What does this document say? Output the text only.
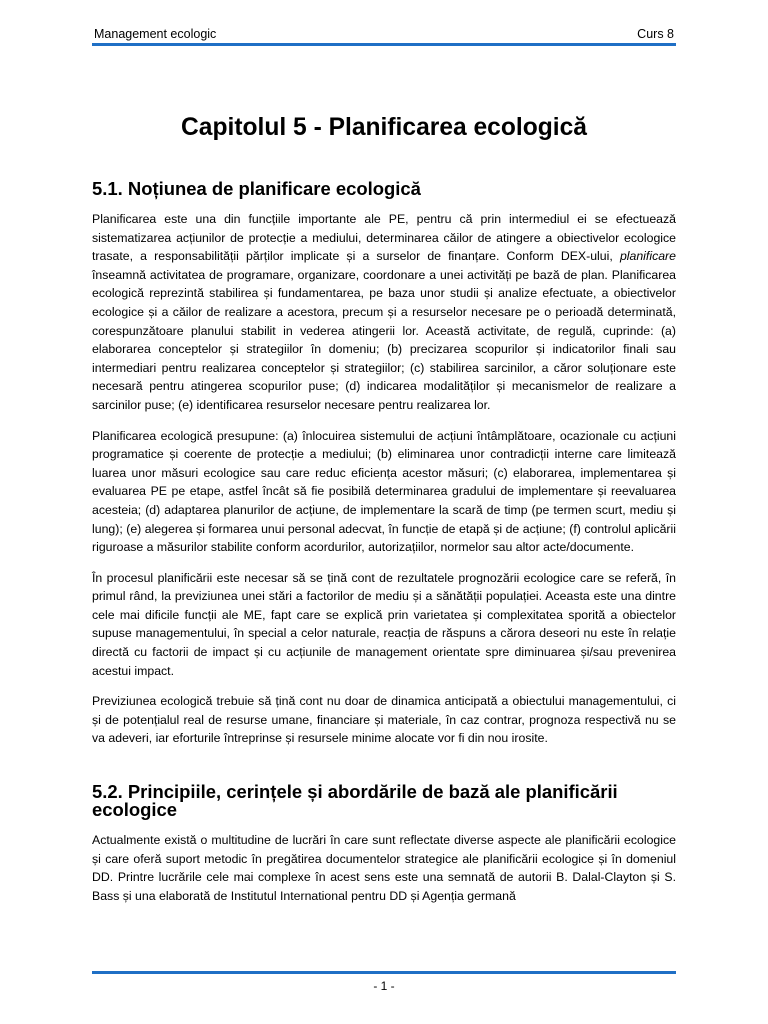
Management ecologic	Curs 8
Capitolul 5 - Planificarea ecologică
5.1. Noțiunea de planificare ecologică

Planificarea este una din funcțiile importante ale PE, pentru că prin intermediul ei se efectuează sistematizarea acțiunilor de protecție a mediului, determinarea căilor de atingere a obiectivelor ecologice trasate, a responsabilității părților implicate și a surselor de finanțare. Conform DEX-ului, planificare înseamnă activitatea de programare, organizare, coordonare a unei activități pe bază de plan. Planificarea ecologică reprezintă stabilirea și fundamentarea, pe baza unor studii și analize efectuate, a obiectivelor ecologice și a căilor de realizare a acestora, precum și a resurselor necesare pe o perioadă determinată, corespunzătoare planului stabilit in vederea atingerii lor. Această activitate, de regulă, cuprinde: (a) elaborarea conceptelor și strategiilor în domeniu; (b) precizarea scopurilor și indicatorilor finali sau intermediari pentru realizarea conceptelor și strategiilor; (c) stabilirea sarcinilor, a căror soluționare este necesară pentru atingerea scopurilor puse; (d) indicarea modalităților și mecanismelor de realizare a sarcinilor puse; (e) identificarea resurselor necesare pentru realizarea lor.

Planificarea ecologică presupune: (a) înlocuirea sistemului de acțiuni întâmplătoare, ocazionale cu acțiuni programatice și coerente de protecție a mediului; (b) eliminarea unor contradicții interne care limitează luarea unor măsuri ecologice sau care reduc eficiența acestor măsuri; (c) elaborarea, implementarea și evaluarea PE pe etape, astfel încât să fie posibilă determinarea gradului de implementare și reevaluarea acesteia; (d) adaptarea planurilor de acțiune, de implementare la scară de timp (pe termen scurt, mediu și lung); (e) alegerea și formarea unui personal adecvat, în funcție de etapă și de acțiune; (f) controlul aplicării riguroase a măsurilor stabilite conform acordurilor, autorizațiilor, normelor sau altor acte/documente.

În procesul planificării este necesar să se țină cont de rezultatele prognozării ecologice care se referă, în primul rând, la previziunea unei stări a factorilor de mediu și a sănătății populației. Aceasta este una dintre cele mai dificile funcții ale ME, fapt care se explică prin varietatea și complexitatea sporită a obiectelor supuse managementului, în special a celor naturale, reacția de răspuns a cărora deseori nu este în relație directă cu factorii de impact și cu acțiunile de management orientate spre diminuarea și/sau prevenirea acestui impact.

Previziunea ecologică trebuie să țină cont nu doar de dinamica anticipată a obiectului managementului, ci și de potențialul real de resurse umane, financiare și materiale, în caz contrar, prognoza respectivă nu se va adeveri, iar eforturile întreprinse și resursele minime alocate vor fi din nou irosite.

5.2. Principiile, cerințele și abordările de bază ale planificării ecologice

Actualmente există o multitudine de lucrări în care sunt reflectate diverse aspecte ale planificării ecologice și care oferă suport metodic în pregătirea documentelor strategice ale planificării ecologice și în domeniul DD. Printre lucrările cele mai complexe în acest sens este una semnată de autorii B. Dalal-Clayton și S. Bass și una elaborată de Institutul International pentru DD și Agenția germană

- 1 -
